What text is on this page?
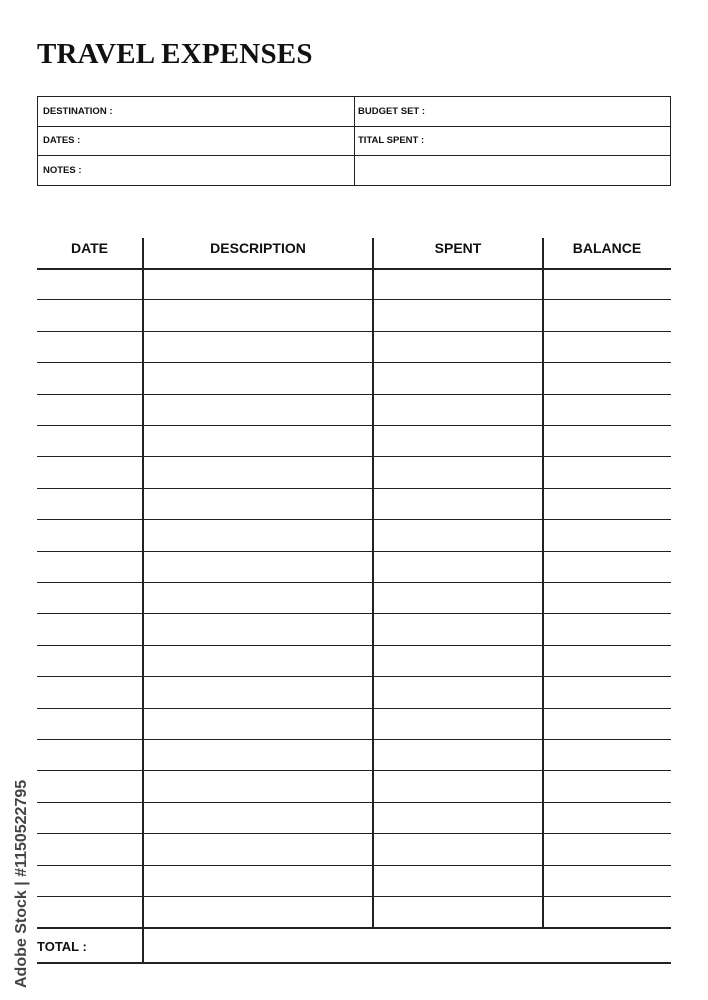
TRAVEL EXPENSES
DESTINATION :	BUDGET SET :
DATES :	TITAL SPENT :
NOTES :
DATE	DESCRIPTION	SPENT	BALANCE
TOTAL :
Adobe Stock | #1150522795
